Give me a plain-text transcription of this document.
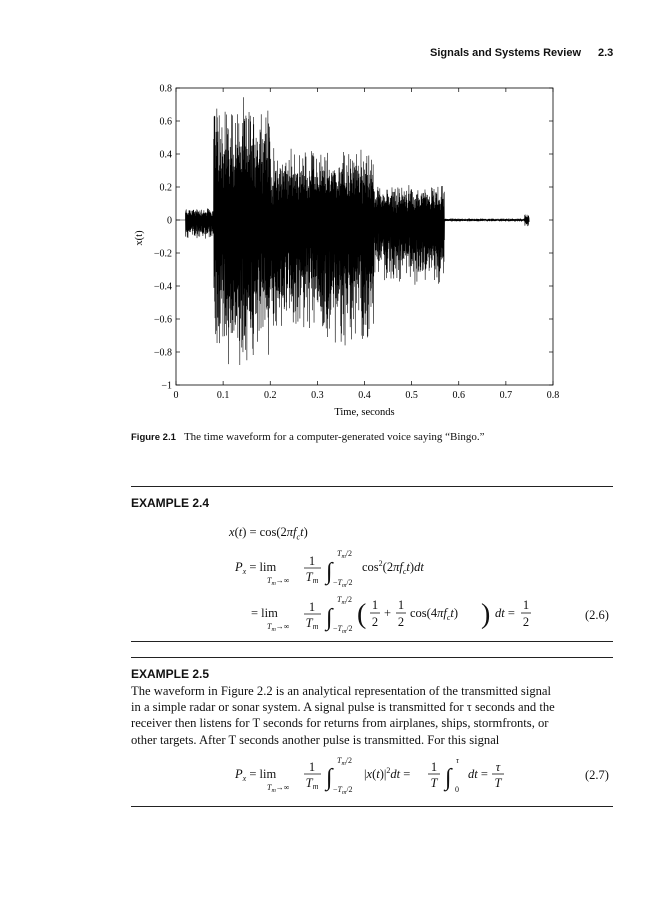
Signals and Systems Review 2.3
0	0.1	0.2	0.3	0.4	0.5	0.6	0.7	0.8
0.8
0.6
0.4
0.2
0
−0.2
−0.4
−0.6
−0.8
−1
Time, seconds
x(t)
Figure 2.1 The time waveform for a computer-generated voice saying “Bingo.”
EXAMPLE 2.4
$x(t) = \cos(2\pi f_ct)$
$P_x = \lim$
$T_m\to\infty$
1
Tm ∫
$T_m/2$
$-T_m/2$
$\cos^2(2\pi f_ct)dt$
= lim
$T_m\to\infty$
1
Tm ∫
$T_m/2$
$-T_m/2$ ( 1
2
+
1
2
$\cos(4\pi f_ct)$ ) dt =
1
2	(2.6)
EXAMPLE 2.5
The waveform in Figure 2.2 is an analytical representation of the transmitted signal
in a simple radar or sonar system. A signal pulse is transmitted for τ seconds and the
receiver then listens for T seconds for returns from airplanes, ships, stormfronts, or
other targets. After T seconds another pulse is transmitted. For this signal
$P_x = \lim$
$T_m\to\infty$
1
Tm ∫
$T_m/2$
$-T_m/2$
$|x(t)|^2dt = 1$
T ∫
τ
0
dt = τ
T
(2.7)
